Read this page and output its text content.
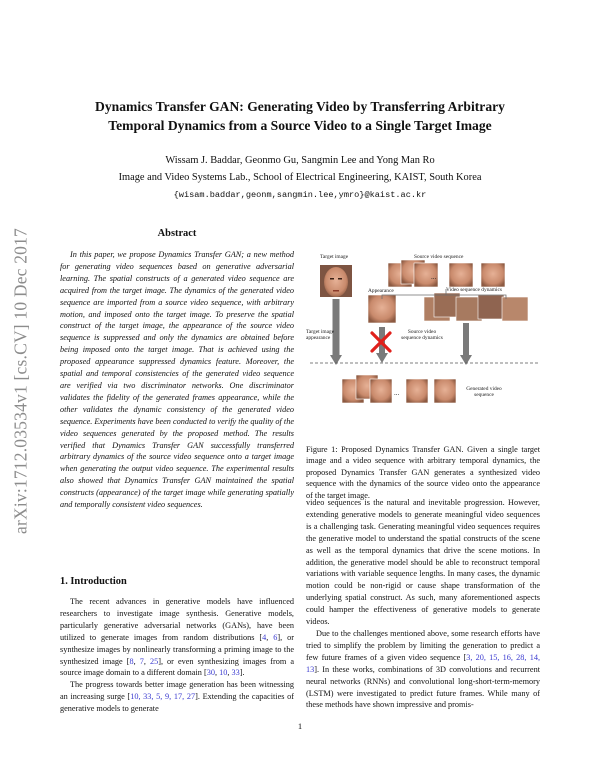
arXiv:1712.03534v1 [cs.CV] 10 Dec 2017
Dynamics Transfer GAN: Generating Video by Transferring Arbitrary
Temporal Dynamics from a Source Video to a Single Target Image
Wissam J. Baddar, Geonmo Gu, Sangmin Lee and Yong Man Ro
Image and Video Systems Lab., School of Electrical Engineering, KAIST, South Korea
{wisam.baddar,geonm,sangmin.lee,ymro}@kaist.ac.kr
Abstract

In this paper, we propose Dynamics Transfer GAN; a new method for generating video sequences based on generative adversarial learning. The spatial constructs of a generated video sequence are acquired from the target image. The dynamics of the generated video sequence are imported from a source video sequence, with arbitrary motion, and imposed onto the target image. To preserve the spatial construct of the target image, the appearance of the source video sequence is suppressed and only the dynamics are obtained before being imposed onto the target image. That is achieved using the proposed appearance suppressed dynamics feature. Moreover, the spatial and temporal consistencies of the generated video sequence are verified via two discriminator networks. One discriminator validates the fidelity of the generated frames appearance, while the other validates the dynamic consistency of the generated video sequence. Experiments have been conducted to verify the quality of the video sequences generated by the proposed method. The results verified that Dynamics Transfer GAN successfully transferred arbitrary dynamics of the source video sequence onto a target image when generating the output video sequence. The experimental results also showed that Dynamics Transfer GAN maintained the spatial constructs (appearance) of the target image while generating spatially and temporally consistent video sequences.

1. Introduction

The recent advances in generative models have influenced researchers to investigate image synthesis. Generative models, particularly generative adversarial networks (GANs), have been utilized to generate images from random distributions [4, 6], or synthesize images by nonlinearly transforming a priming image to the synthesized image [8, 7, 25], or even synthesizing images from a source image domain to a different domain [30, 10, 33].

The progress towards better image generation has been witnessing an increasing surge [10, 33, 5, 9, 17, 27]. Extending the capacities of generative models to generate

...
...
Target image	Source video sequence
Appearance	Video sequence dynamics
Target image appearance
Source video sequence dynamics
Generated video sequence
Figure 1: Proposed Dynamics Transfer GAN. Given a single target image and a video sequence with arbitrary temporal dynamics, the proposed Dynamics Transfer GAN generates a synthesized video sequence with the dynamics of the source video onto the appearance of the target image.

video sequences is the natural and inevitable progression. However, extending generative models to generate meaningful video sequences is a challenging task. Generating meaningful video sequences requires the generative model to understand the spatial constructs of the scene as well as the temporal dynamics that drive the scene motions. In addition, the generative model should be able to reconstruct temporal variations with variable sequence lengths. In many cases, the dynamic motion could be non-rigid or cause shape transformation of the underlying spatial construct. As such, many aforementioned aspects could hamper the effectiveness of generative models to generate videos.

Due to the challenges mentioned above, some research efforts have tried to simplify the problem by limiting the generation to predict a few future frames of a given video sequence [3, 20, 15, 16, 28, 14, 13]. In these works, combinations of 3D convolutions and recurrent neural networks (RNNs) and convolutional long-short-term-memory (LSTM) were investigated to predict future frames. While many of these methods have shown impressive and promis-

1
